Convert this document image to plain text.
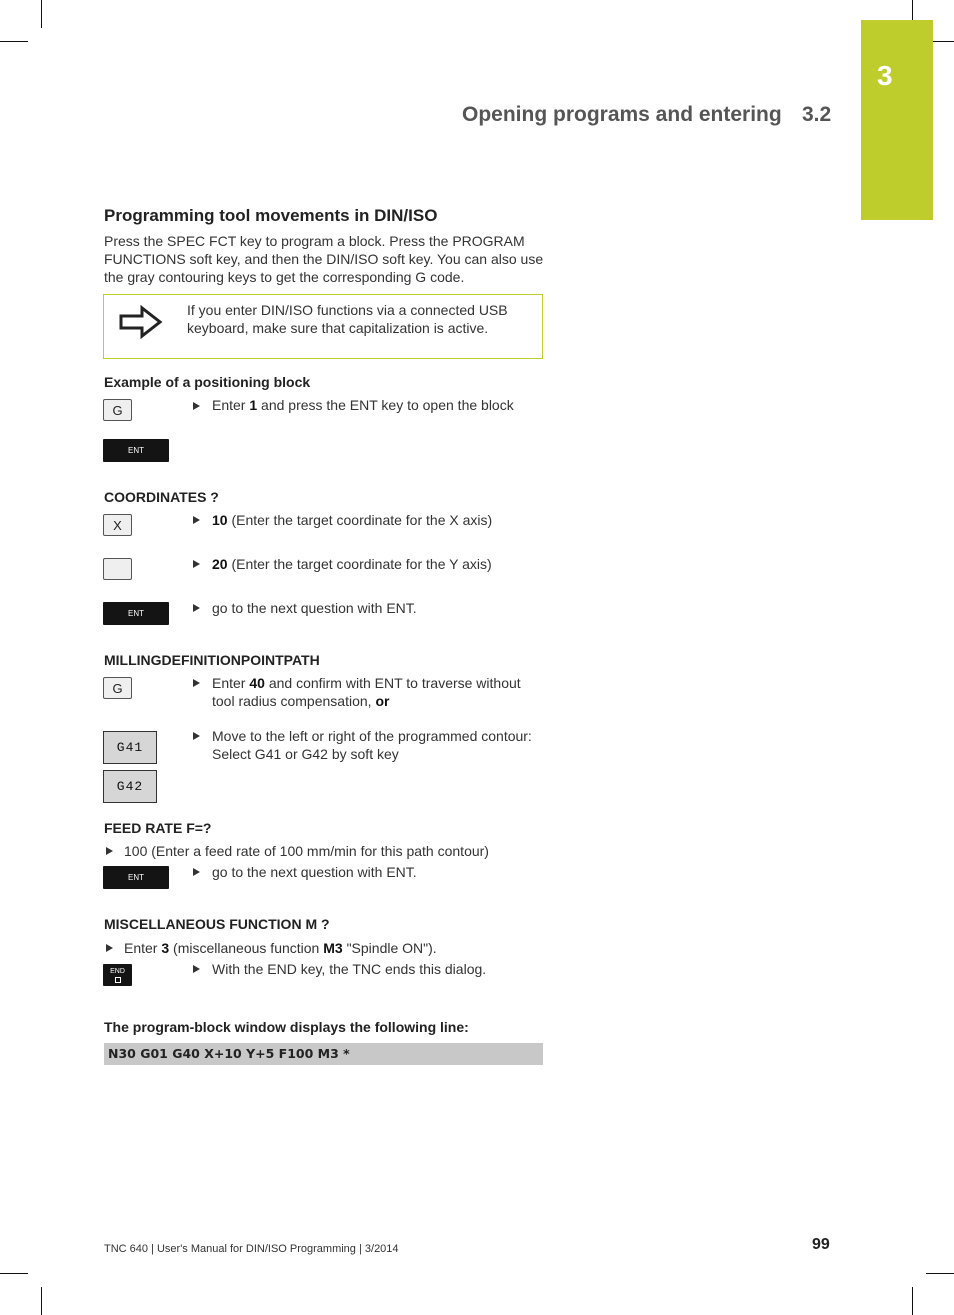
3
Opening programs and entering 3.2
Programming tool movements in DIN/ISO
Press the SPEC FCT key to program a block. Press the PROGRAM FUNCTIONS soft key, and then the DIN/ISO soft key. You can also use the gray contouring keys to get the corresponding G code.
If you enter DIN/ISO functions via a connected USB keyboard, make sure that capitalization is active.
Example of a positioning block
G	Enter 1 and press the ENT key to open the block
ENT
COORDINATES ?
X	10 (Enter the target coordinate for the X axis)
20 (Enter the target coordinate for the Y axis)
ENT	go to the next question with ENT.
MILLINGDEFINITIONPOINTPATH
G	Enter 40 and confirm with ENT to traverse without tool radius compensation, or
G41
Move to the left or right of the programmed contour: Select G41 or G42 by soft key
G42
FEED RATE F=?
100 (Enter a feed rate of 100 mm/min for this path contour)
ENT	go to the next question with ENT.
MISCELLANEOUS FUNCTION M ?
Enter 3 (miscellaneous function M3 "Spindle ON").
END	With the END key, the TNC ends this dialog.
The program-block window displays the following line:
N30 G01 G40 X+10 Y+5 F100 M3 *
TNC 640 | User's Manual for DIN/ISO Programming | 3/2014	99
